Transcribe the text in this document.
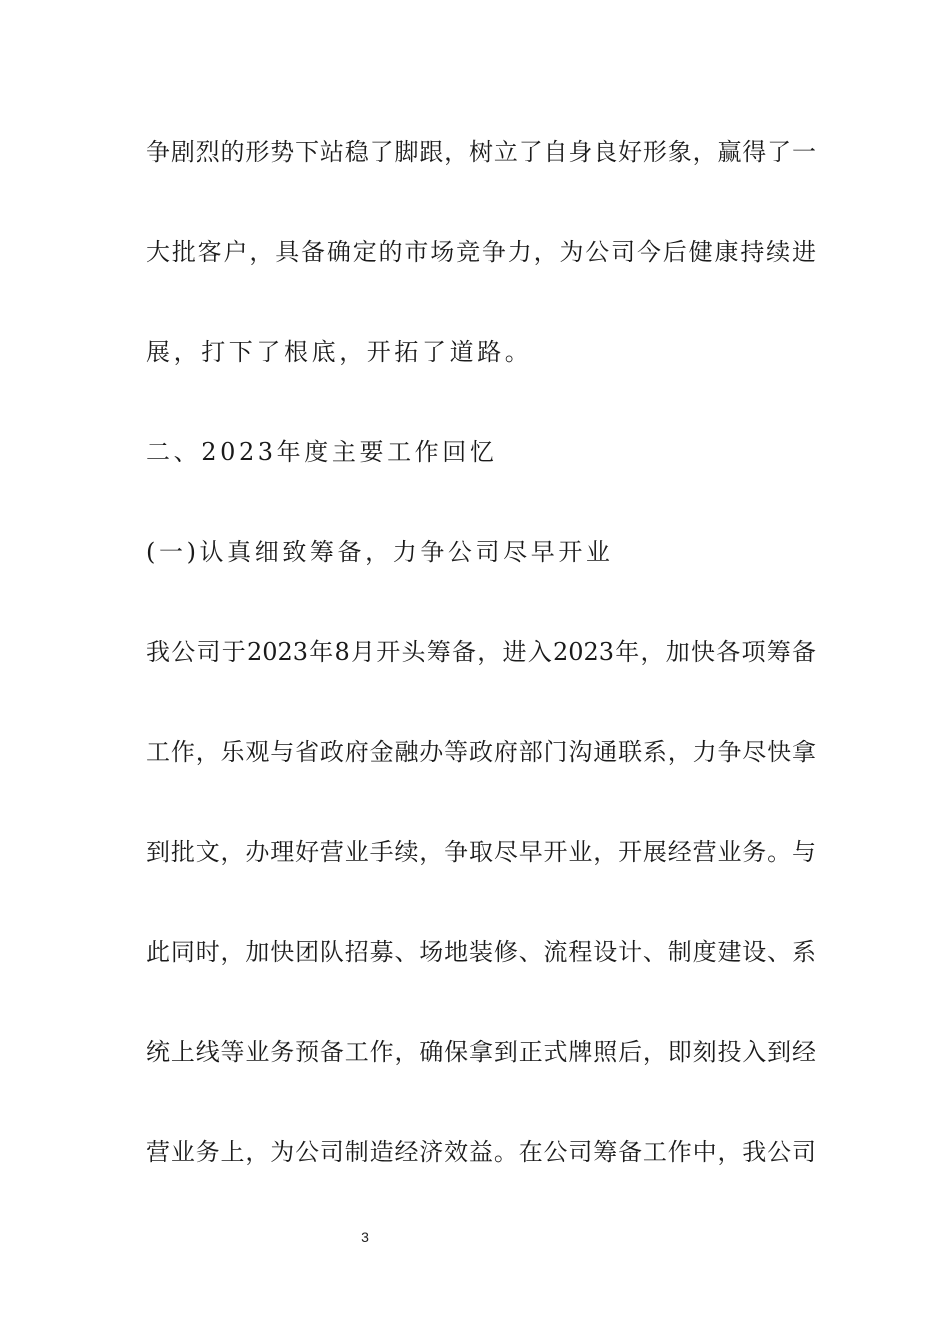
争剧烈的形势下站稳了脚跟，树立了自身良好形象，赢得了一
大批客户，具备确定的市场竞争力，为公司今后健康持续进
展，打下了根底，开拓了道路。
二、2023年度主要工作回忆
(一)认真细致筹备，力争公司尽早开业
我公司于2023年8月开头筹备，进入2023年，加快各项筹备
工作，乐观与省政府金融办等政府部门沟通联系，力争尽快拿
到批文，办理好营业手续，争取尽早开业，开展经营业务。与
此同时，加快团队招募、场地装修、流程设计、制度建设、系
统上线等业务预备工作，确保拿到正式牌照后，即刻投入到经
营业务上，为公司制造经济效益。在公司筹备工作中，我公司
3
